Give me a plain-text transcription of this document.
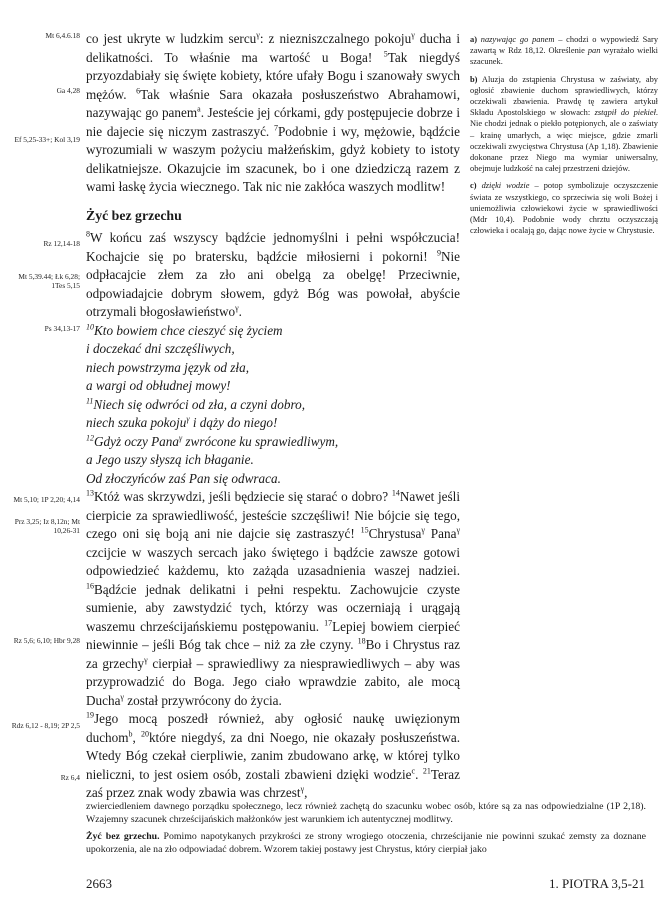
Mt 6,4.6.18
Ga 4,28
Ef 5,25-33+; Kol 3,19
Rz 12,14-18
Mt 5,39.44; Łk 6,28; 1Tes 5,15
Ps 34,13-17
Mt 5,10; 1P 2,20; 4,14
Prz 3,25; Iz 8,12n; Mt 10,26-31
Rz 5,6; 6,10; Hbr 9,28
Rdz 6,12 - 8,19; 2P 2,5
Rz 6,4

co jest ukryte w ludzkim sercu$^\gamma$: z niezniszczalnego pokoju$^\gamma$ ducha i delikatności. To właśnie ma wartość u Boga! $^5$Tak niegdyś przyozdabiały się święte kobiety, które ufały Bogu i szanowały swych mężów. $^6$Tak właśnie Sara okazała posłuszeństwo Abrahamowi, nazywając go panem$^a$. Jesteście jej córkami, gdy postępujecie dobrze i nie dajecie się niczym zastraszyć. $^7$Podobnie i wy, mężowie, bądźcie wyrozumiali w waszym pożyciu małżeńskim, gdyż kobiety to istoty delikatniejsze. Okazujcie im szacunek, bo i one dziedziczą razem z wami łaskę życia wiecznego. Tak nic nie zakłóca waszych modlitw!

Żyć bez grzechu

$^8$W końcu zaś wszyscy bądźcie jednomyślni i pełni współczucia! Kochajcie się po bratersku, bądźcie miłosierni i pokorni! $^9$Nie odpłacajcie złem za zło ani obelgą za obelgę! Przeciwnie, odpowiadajcie dobrym słowem, gdyż Bóg was powołał, abyście otrzymali błogosławieństwo$^\gamma$.

$^{10}$Kto bowiem chce cieszyć się życiem
i doczekać dni szczęśliwych,
niech powstrzyma język od zła,
a wargi od obłudnej mowy!
$^{11}$Niech się odwróci od zła, a czyni dobro,
niech szuka pokoju$^\gamma$ i dąży do niego!
$^{12}$Gdyż oczy Pana$^\gamma$ zwrócone ku sprawiedliwym,
a Jego uszy słyszą ich błaganie.
Od złoczyńców zaś Pan się odwraca.

$^{13}$Któż was skrzywdzi, jeśli będziecie się starać o dobro? $^{14}$Nawet jeśli cierpicie za sprawiedliwość, jesteście szczęśliwi! Nie bójcie się tego, czego oni się boją ani nie dajcie się zastraszyć! $^{15}$Chrystusa$^\gamma$ Pana$^\gamma$ czcijcie w waszych sercach jako świętego i bądźcie zawsze gotowi odpowiedzieć każdemu, kto zażąda uzasadnienia waszej nadziei. $^{16}$Bądźcie jednak delikatni i pełni respektu. Zachowujcie czyste sumienie, aby zawstydzić tych, którzy was oczerniają i urągają waszemu chrześcijańskiemu postępowaniu. $^{17}$Lepiej bowiem cierpieć niewinnie – jeśli Bóg tak chce – niż za złe czyny. $^{18}$Bo i Chrystus raz za grzechy$^\gamma$ cierpiał – sprawiedliwy za niesprawiedliwych – aby was przyprowadzić do Boga. Jego ciało wprawdzie zabito, ale mocą Ducha$^\gamma$ został przywrócony do życia.

$^{19}$Jego mocą poszedł również, aby ogłosić naukę uwięzionym duchom$^b$, $^{20}$które niegdyś, za dni Noego, nie okazały posłuszeństwa. Wtedy Bóg czekał cierpliwie, zanim zbudowano arkę, w której tylko nieliczni, to jest osiem osób, zostali zbawieni dzięki wodzie$^c$. $^{21}$Teraz zaś przez znak wody zbawia was chrzest$^\gamma$,

a) nazywając go panem – chodzi o wypowiedź Sary zawartą w Rdz 18,12. Określenie pan wyrażało wielki szacunek.

b) Aluzja do zstąpienia Chrystusa w zaświaty, aby ogłosić zbawienie duchom sprawiedliwych, którzy oczekiwali zbawienia. Prawdę tę zawiera artykuł Składu Apostolskiego w słowach: zstąpił do piekieł. Nie chodzi jednak o piekło potępionych, ale o zaświaty – krainę umarłych, a więc miejsce, gdzie zmarli oczekiwali zwycięstwa Chrystusa (Ap 1,18). Zbawienie dokonane przez Niego ma wymiar uniwersalny, obejmuje ludzkość na całej przestrzeni dziejów.

c) dzięki wodzie – potop symbolizuje oczyszczenie świata ze wszystkiego, co sprzeciwia się woli Bożej i uniemożliwia człowiekowi życie w sprawiedliwości (Mdr 10,4). Podobnie wody chrztu oczyszczają człowieka i ocalają go, dając nowe życie w Chrystusie.

zwierciedleniem dawnego porządku społecznego, lecz również zachętą do szacunku wobec osób, które są za nas odpowiedzialne (1P 2,18). Wzajemny szacunek chrześcijańskich małżonków jest warunkiem ich autentycznej modlitwy.

Żyć bez grzechu. Pomimo napotykanych przykrości ze strony wrogiego otoczenia, chrześcijanie nie powinni szukać zemsty za doznane upokorzenia, ale na zło odpowiadać dobrem. Wzorem takiej postawy jest Chrystus, który cierpiał jako

2663	1. PIOTRA 3,5-21
